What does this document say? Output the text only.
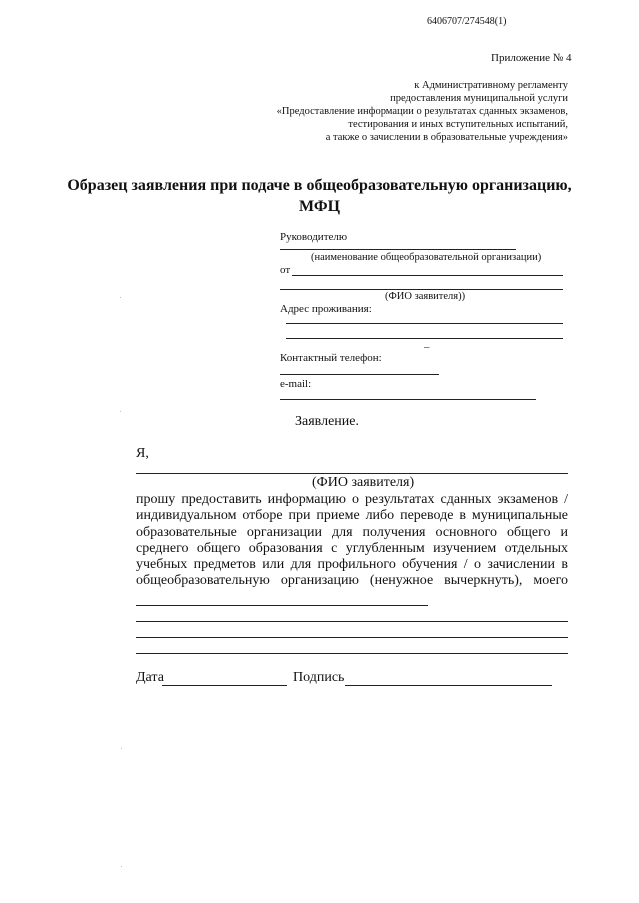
6406707/274548(1)
Приложение № 4
к Административному регламенту
предоставления муниципальной услуги
«Предоставление информации о результатах сданных экзаменов,
тестирования и иных вступительных испытаний,
а также о зачислении в образовательные учреждения»
Образец заявления при подаче в общеобразовательную организацию,
МФЦ
Руководителю
(наименование общеобразовательной организации)
от
(ФИО заявителя))
Адрес проживания:
–
Контактный телефон:
e-mail:
Заявление.
Я,
(ФИО заявителя)
прошу предоставить информацию о результатах сданных экзаменов /
индивидуальном отборе при приеме либо переводе в муниципальные
образовательные организации для получения основного общего и
среднего общего образования с углубленным изучением отдельных
учебных предметов или для профильного обучения / о зачислении в
общеобразовательную организацию (ненужное вычеркнуть), моего
Дата	Подпись
